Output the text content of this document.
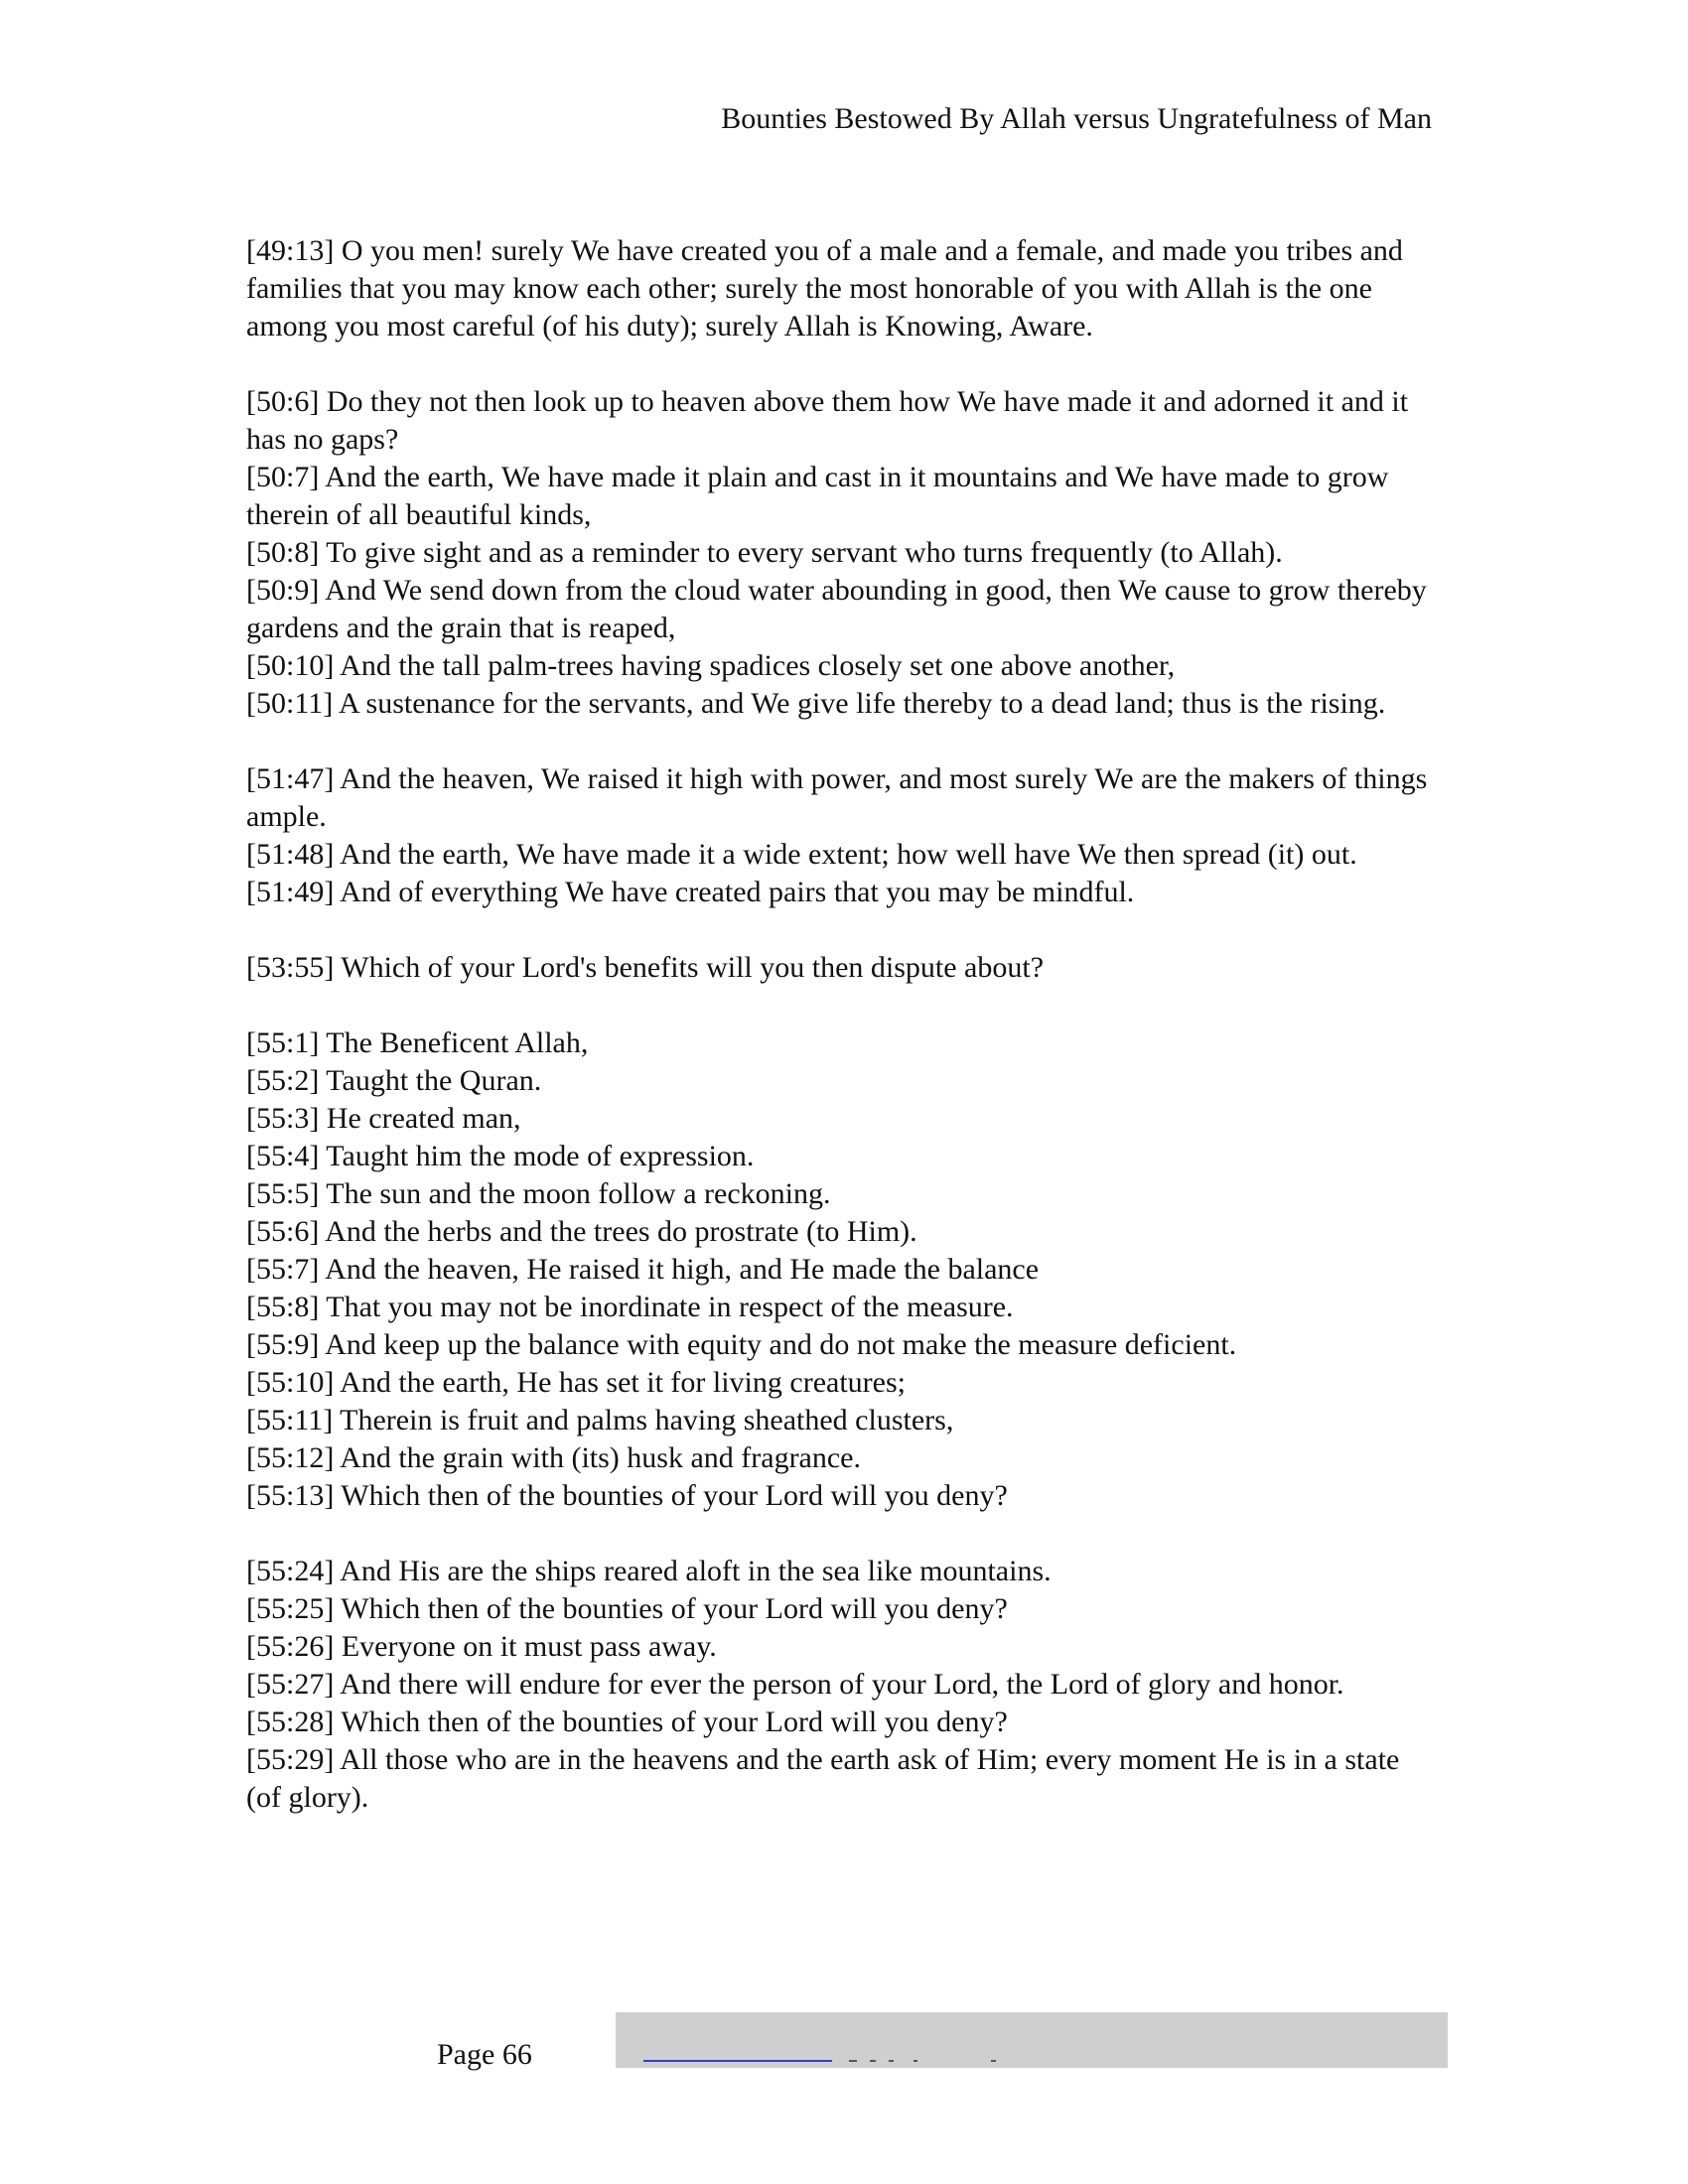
Bounties Bestowed By Allah versus Ungratefulness of Man

[49:13] O you men! surely We have created you of a male and a female, and made you tribes and families that you may know each other; surely the most honorable of you with Allah is the one among you most careful (of his duty); surely Allah is Knowing, Aware.

[50:6] Do they not then look up to heaven above them how We have made it and adorned it and it has no gaps?
[50:7] And the earth, We have made it plain and cast in it mountains and We have made to grow therein of all beautiful kinds,
[50:8] To give sight and as a reminder to every servant who turns frequently (to Allah).
[50:9] And We send down from the cloud water abounding in good, then We cause to grow thereby gardens and the grain that is reaped,
[50:10] And the tall palm-trees having spadices closely set one above another,
[50:11] A sustenance for the servants, and We give life thereby to a dead land; thus is the rising.

[51:47] And the heaven, We raised it high with power, and most surely We are the makers of things ample.
[51:48] And the earth, We have made it a wide extent; how well have We then spread (it) out.
[51:49] And of everything We have created pairs that you may be mindful.

[53:55] Which of your Lord's benefits will you then dispute about?

[55:1] The Beneficent Allah,
[55:2] Taught the Quran.
[55:3] He created man,
[55:4] Taught him the mode of expression.
[55:5] The sun and the moon follow a reckoning.
[55:6] And the herbs and the trees do prostrate (to Him).
[55:7] And the heaven, He raised it high, and He made the balance
[55:8] That you may not be inordinate in respect of the measure.
[55:9] And keep up the balance with equity and do not make the measure deficient.
[55:10] And the earth, He has set it for living creatures;
[55:11] Therein is fruit and palms having sheathed clusters,
[55:12] And the grain with (its) husk and fragrance.
[55:13] Which then of the bounties of your Lord will you deny?

[55:24] And His are the ships reared aloft in the sea like mountains.
[55:25] Which then of the bounties of your Lord will you deny?
[55:26] Everyone on it must pass away.
[55:27] And there will endure for ever the person of your Lord, the Lord of glory and honor.
[55:28] Which then of the bounties of your Lord will you deny?
[55:29] All those who are in the heavens and the earth ask of Him; every moment He is in a state (of glory).

Page 66
